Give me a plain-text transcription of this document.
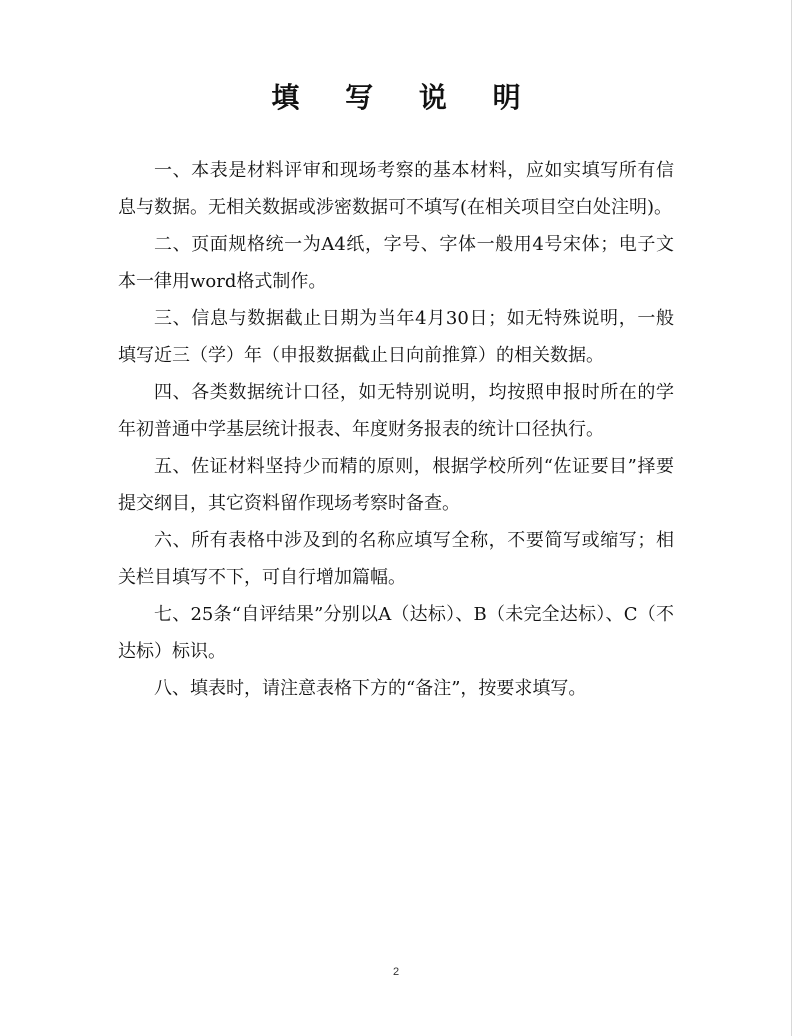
填 写 说 明

一、本表是材料评审和现场考察的基本材料，应如实填写所有信息与数据。无相关数据或涉密数据可不填写(在相关项目空白处注明)。

二、页面规格统一为A4纸，字号、字体一般用4号宋体；电子文本一律用word格式制作。

三、信息与数据截止日期为当年4月30日；如无特殊说明，一般填写近三（学）年（申报数据截止日向前推算）的相关数据。

四、各类数据统计口径，如无特别说明，均按照申报时所在的学年初普通中学基层统计报表、年度财务报表的统计口径执行。

五、佐证材料坚持少而精的原则，根据学校所列“佐证要目”择要提交纲目，其它资料留作现场考察时备查。

六、所有表格中涉及到的名称应填写全称，不要简写或缩写；相关栏目填写不下，可自行增加篇幅。

七、25条“自评结果”分别以A（达标）、B（未完全达标）、C（不达标）标识。

八、填表时，请注意表格下方的“备注”，按要求填写。

2
